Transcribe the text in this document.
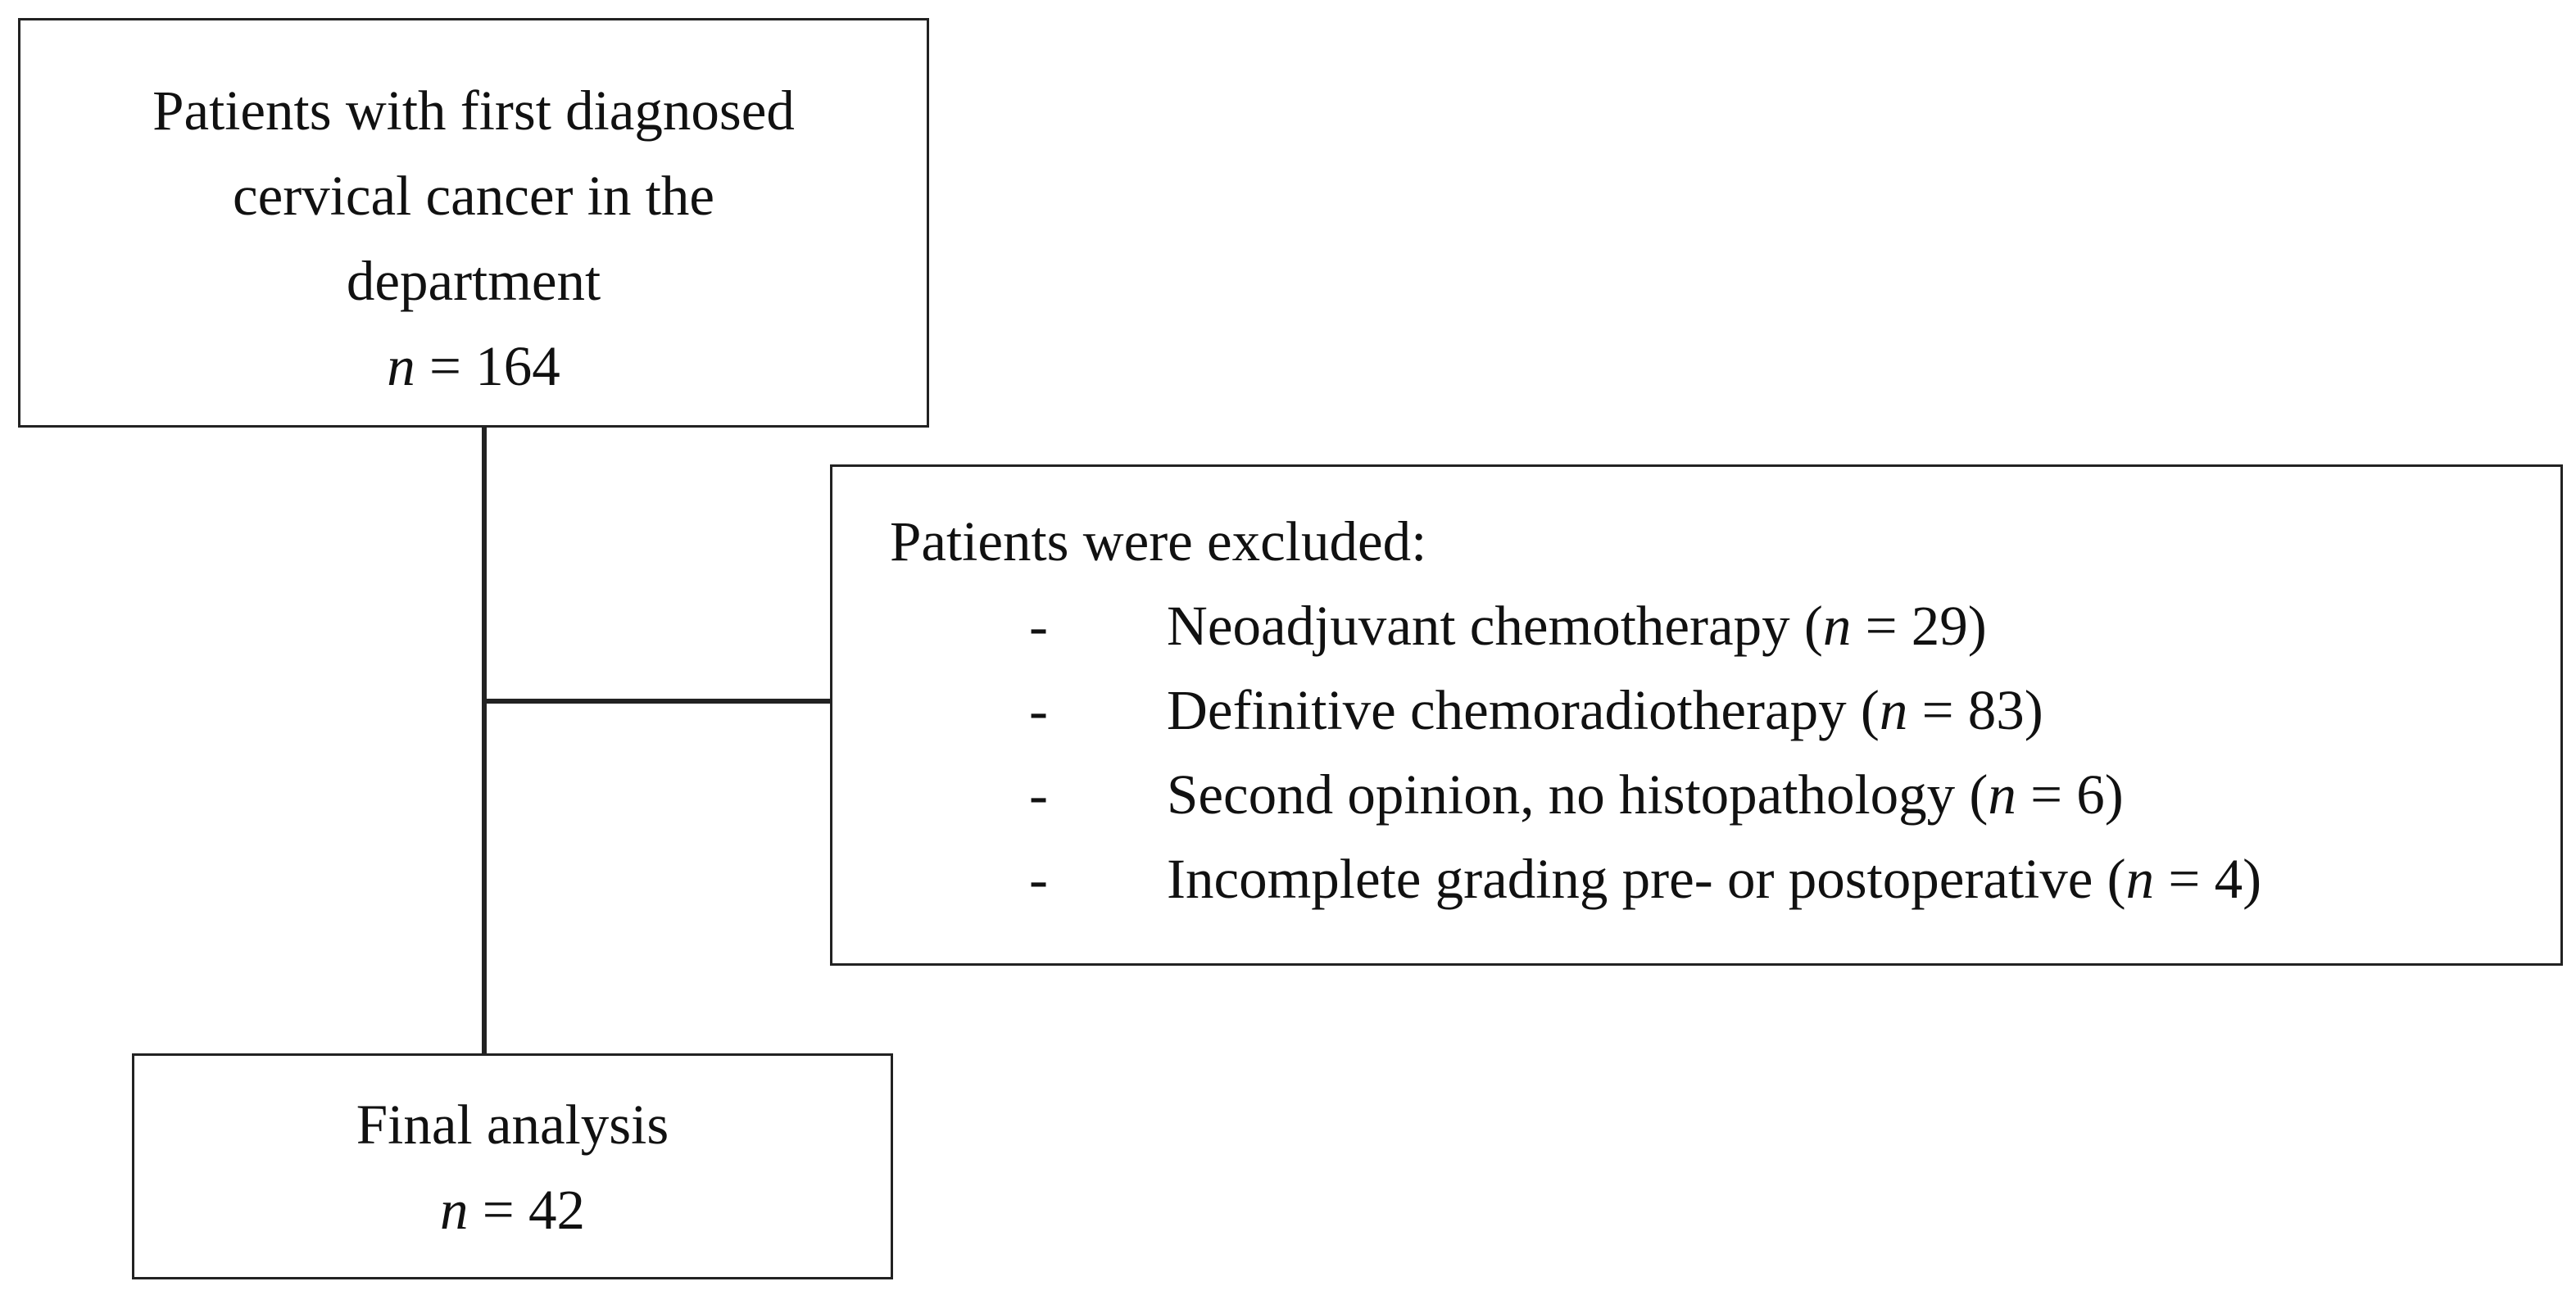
Patients with first diagnosed
cervical cancer in the
department
n = 164
Patients were excluded:
- Neoadjuvant chemotherapy (n = 29)
- Definitive chemoradiotherapy (n = 83)
- Second opinion, no histopathology (n = 6)
- Incomplete grading pre- or postoperative (n = 4)
Final analysis
n = 42
